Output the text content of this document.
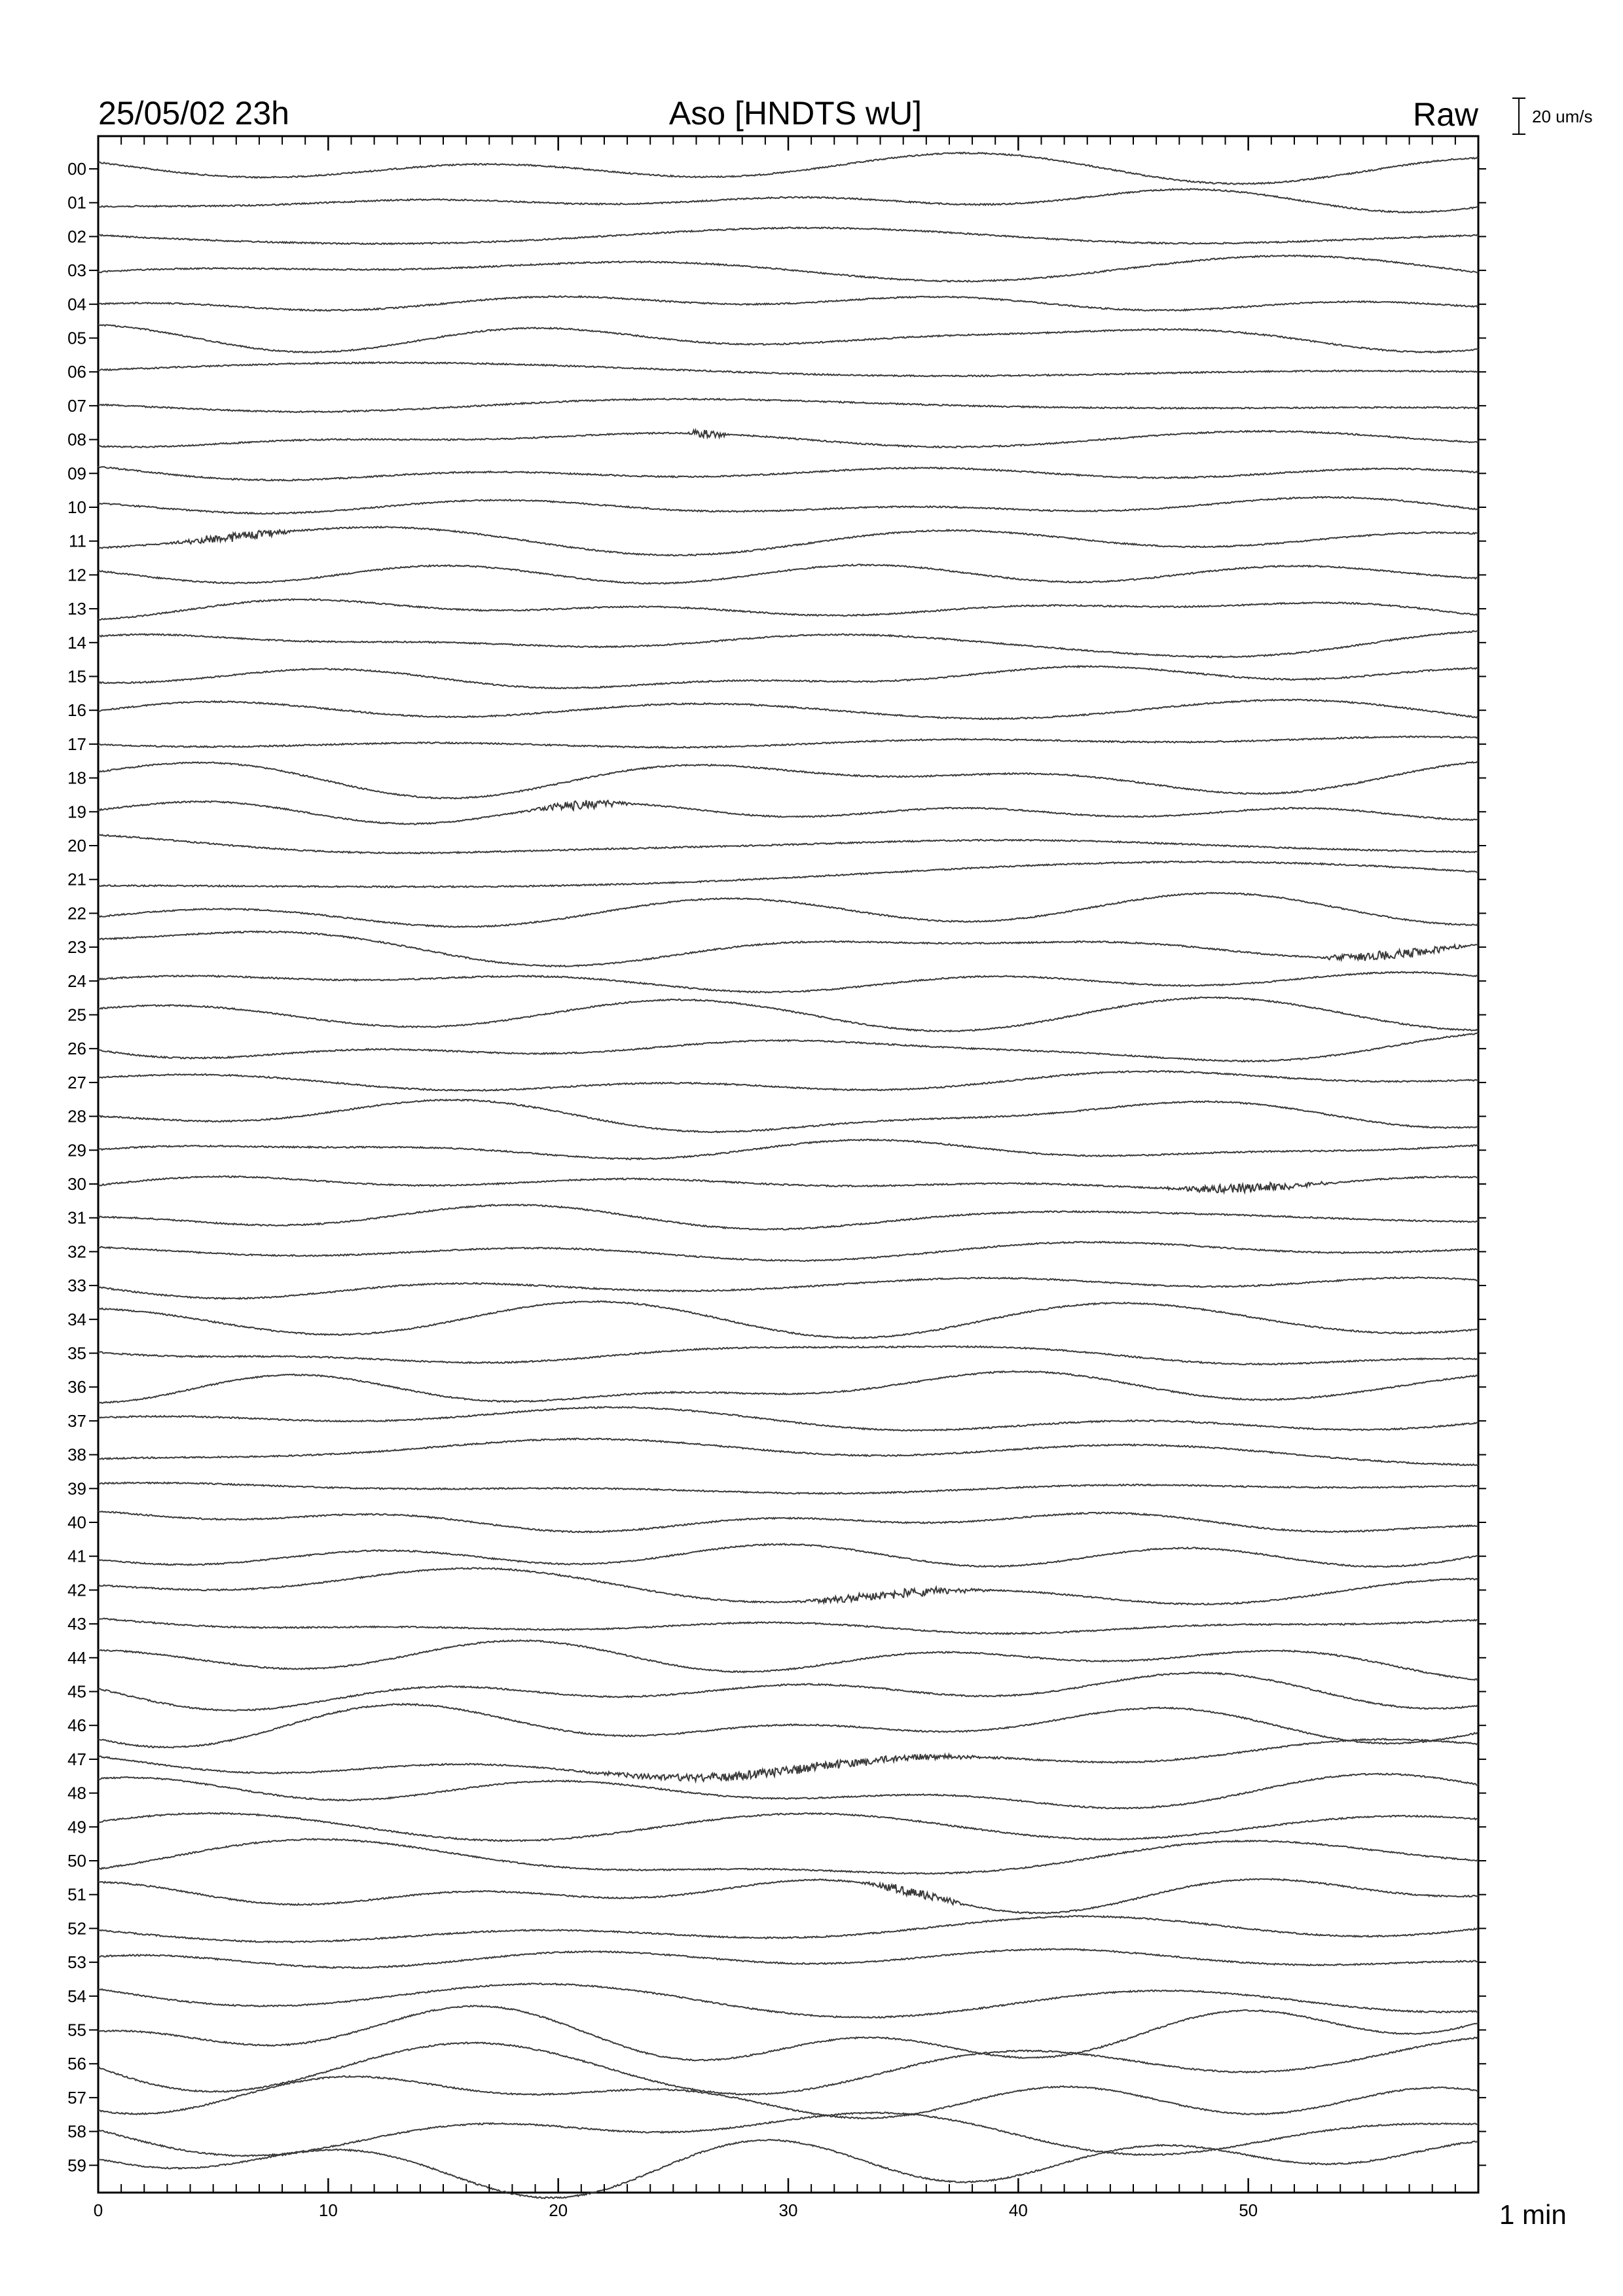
25/05/02 23h	Aso [HNDTS wU]	Raw	20 um/s
00
01
02
03
04
05
06
07
08
09
10
11
12
13
14
15
16
17
18
19
20
21
22
23
24
25
26
27
28
29
30
31
32
33
34
35
36
37
38
39
40
41
42
43
44
45
46
47
48
49
50
51
52
53
54
55
56
57
58
59
0	10	20	30	40	50	1 min
